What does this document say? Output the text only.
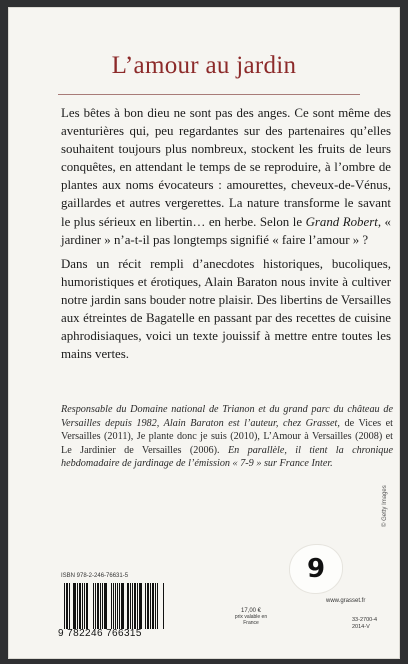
L’amour au jardin

Les bêtes à bon dieu ne sont pas des anges. Ce sont même des aventurières qui, peu regardantes sur des partenaires qu’elles souhaitent toujours plus nombreux, stockent les fruits de leurs conquêtes, en attendant le temps de se reproduire, à l’ombre de plantes aux noms évocateurs : amourettes, cheveux-de-Vénus, gaillardes et autres vergerettes. La nature transforme le savant le plus sérieux en libertin… en herbe. Selon le Grand Robert, « jardiner » n’a-t-il pas longtemps signifié « faire l’amour » ?

Dans un récit rempli d’anecdotes historiques, bucoliques, humoristiques et érotiques, Alain Baraton nous invite à cultiver notre jardin sans bouder notre plaisir. Des libertins de Versailles aux étreintes de Bagatelle en passant par des recettes de cuisine aphrodisiaques, voici un texte jouissif à mettre entre toutes les mains vertes.

Responsable du Domaine national de Trianon et du grand parc du château de Versailles depuis 1982, Alain Baraton est l’auteur, chez Grasset, de Vices et Versailles (2011), Je plante donc je suis (2010), L’Amour à Versailles (2008) et Le Jardinier de Versailles (2006). En parallèle, il tient la chronique hebdomadaire de jardinage de l’émission « 7-9 » sur France Inter.

9
© Getty Images
ISBN 978-2-246-76631-5
9 782246 766315
17,00 €
prix valable en
France
www.grasset.fr
33-2700-4
2014-V
